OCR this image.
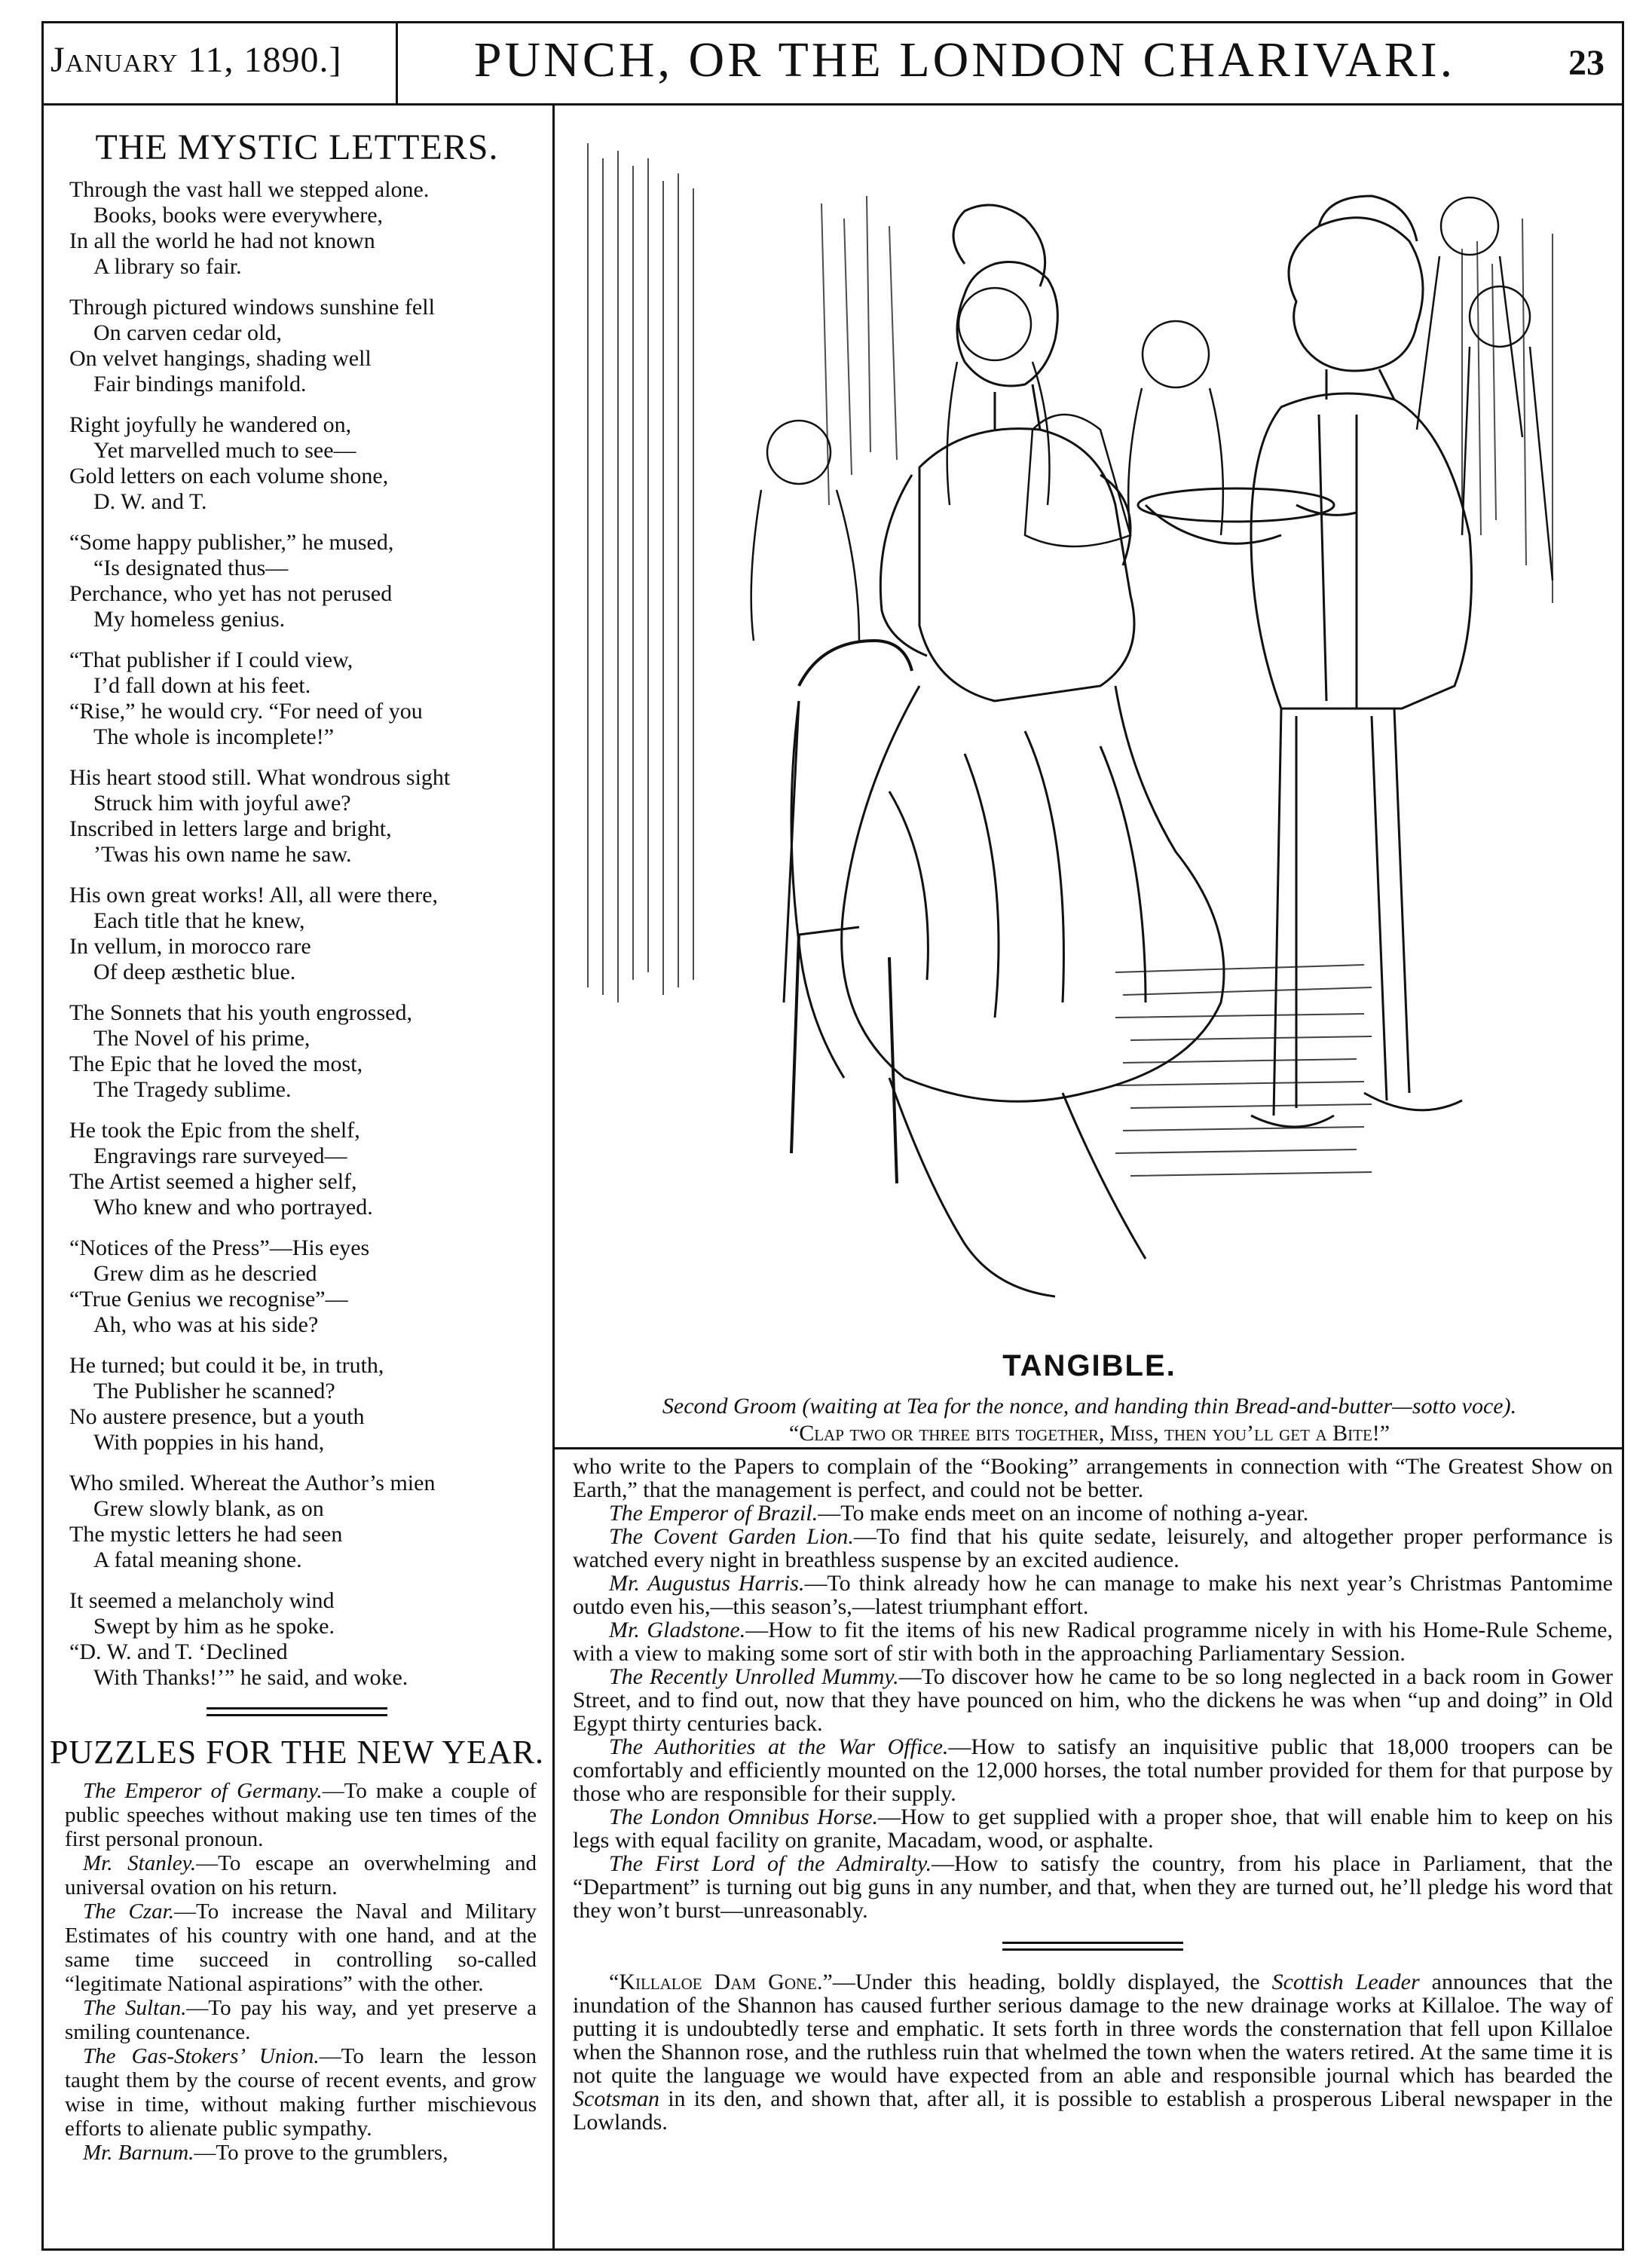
January 11, 1890.]	PUNCH, OR THE LONDON CHARIVARI.	23
THE MYSTIC LETTERS.
Through the vast hall we stepped alone.
Books, books were everywhere,
In all the world he had not known
A library so fair.
Through pictured windows sunshine fell
On carven cedar old,
On velvet hangings, shading well
Fair bindings manifold.
Right joyfully he wandered on,
Yet marvelled much to see—
Gold letters on each volume shone,
D. W. and T.
“Some happy publisher,” he mused,
“Is designated thus—
Perchance, who yet has not perused
My homeless genius.
“That publisher if I could view,
I’d fall down at his feet.
“Rise,” he would cry. “For need of you
The whole is incomplete!”
His heart stood still. What wondrous sight
Struck him with joyful awe?
Inscribed in letters large and bright,
’Twas his own name he saw.
His own great works! All, all were there,
Each title that he knew,
In vellum, in morocco rare
Of deep æsthetic blue.
The Sonnets that his youth engrossed,
The Novel of his prime,
The Epic that he loved the most,
The Tragedy sublime.
He took the Epic from the shelf,
Engravings rare surveyed—
The Artist seemed a higher self,
Who knew and who portrayed.
“Notices of the Press”—His eyes
Grew dim as he descried
“True Genius we recognise”—
Ah, who was at his side?
He turned; but could it be, in truth,
The Publisher he scanned?
No austere presence, but a youth
With poppies in his hand,
Who smiled. Whereat the Author’s mien
Grew slowly blank, as on
The mystic letters he had seen
A fatal meaning shone.
It seemed a melancholy wind
Swept by him as he spoke.
“D. W. and T. ‘Declined
With Thanks!’” he said, and woke.
PUZZLES FOR THE NEW YEAR.

The Emperor of Germany.—To make a couple of public speeches without making use ten times of the first personal pronoun.

Mr. Stanley.—To escape an overwhelming and universal ovation on his return.

The Czar.—To increase the Naval and Military Estimates of his country with one hand, and at the same time succeed in controlling so-called “legitimate National aspirations” with the other.

The Sultan.—To pay his way, and yet preserve a smiling countenance.

The Gas-Stokers’ Union.—To learn the lesson taught them by the course of recent events, and grow wise in time, without making further mischievous efforts to alienate public sympathy.

Mr. Barnum.—To prove to the grumblers,

TANGIBLE.
Second Groom (waiting at Tea for the nonce, and handing thin Bread-and-butter—sotto voce).
“Clap two or three bits together, Miss, then you’ll get a Bite!”

who write to the Papers to complain of the “Booking” arrangements in connection with “The Greatest Show on Earth,” that the management is perfect, and could not be better.

The Emperor of Brazil.—To make ends meet on an income of nothing a-year.

The Covent Garden Lion.—To find that his quite sedate, leisurely, and altogether proper performance is watched every night in breathless suspense by an excited audience.

Mr. Augustus Harris.—To think already how he can manage to make his next year’s Christmas Pantomime outdo even his,—this season’s,—latest triumphant effort.

Mr. Gladstone.—How to fit the items of his new Radical programme nicely in with his Home-Rule Scheme, with a view to making some sort of stir with both in the approaching Parliamentary Session.

The Recently Unrolled Mummy.—To discover how he came to be so long neglected in a back room in Gower Street, and to find out, now that they have pounced on him, who the dickens he was when “up and doing” in Old Egypt thirty centuries back.

The Authorities at the War Office.—How to satisfy an inquisitive public that 18,000 troopers can be comfortably and efficiently mounted on the 12,000 horses, the total number provided for them for that purpose by those who are responsible for their supply.

The London Omnibus Horse.—How to get supplied with a proper shoe, that will enable him to keep on his legs with equal facility on granite, Macadam, wood, or asphalte.

The First Lord of the Admiralty.—How to satisfy the country, from his place in Parliament, that the “Department” is turning out big guns in any number, and that, when they are turned out, he’ll pledge his word that they won’t burst—unreasonably.

“Killaloe Dam Gone.”—Under this heading, boldly displayed, the Scottish Leader announces that the inundation of the Shannon has caused further serious damage to the new drainage works at Killaloe. The way of putting it is undoubtedly terse and emphatic. It sets forth in three words the consternation that fell upon Killaloe when the Shannon rose, and the ruthless ruin that whelmed the town when the waters retired. At the same time it is not quite the language we would have expected from an able and responsible journal which has bearded the Scotsman in its den, and shown that, after all, it is possible to establish a prosperous Liberal newspaper in the Lowlands.
